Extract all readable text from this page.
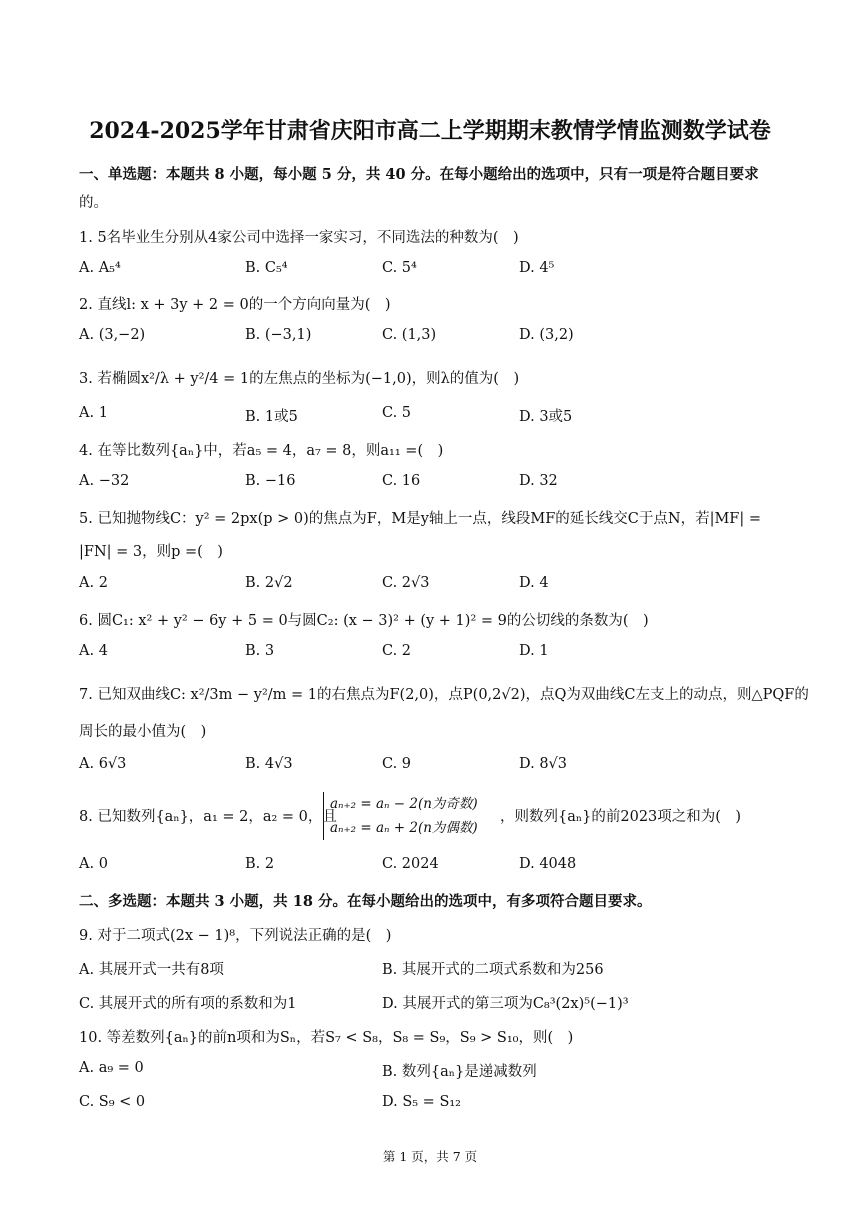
2024-2025学年甘肃省庆阳市高二上学期期末教情学情监测数学试卷
一、单选题：本题共 8 小题，每小题 5 分，共 40 分。在每小题给出的选项中，只有一项是符合题目要求
的。
1. 5名毕业生分别从4家公司中选择一家实习，不同选法的种数为(　)
A. A₅⁴	B. C₅⁴	C. 5⁴	D. 4⁵
2. 直线l: x + 3y + 2 = 0的一个方向向量为(　)
A. (3,−2)	B. (−3,1)	C. (1,3)	D. (3,2)
3. 若椭圆x²/λ + y²/4 = 1的左焦点的坐标为(−1,0)，则λ的值为(　)
A. 1	B. 1或5	C. 5	D. 3或5
4. 在等比数列{aₙ}中，若a₅ = 4，a₇ = 8，则a₁₁ =(　)
A. −32	B. −16	C. 16	D. 32
5. 已知抛物线C：y² = 2px(p > 0)的焦点为F，M是y轴上一点，线段MF的延长线交C于点N，若|MF| =
|FN| = 3，则p =(　)
A. 2	B. 2√2	C. 2√3	D. 4
6. 圆C₁: x² + y² − 6y + 5 = 0与圆C₂: (x − 3)² + (y + 1)² = 9的公切线的条数为(　)
A. 4	B. 3	C. 2	D. 1
7. 已知双曲线C: x²/3m − y²/m = 1的右焦点为F(2,0)，点P(0,2√2)，点Q为双曲线C左支上的动点，则△PQF的
周长的最小值为(　)
A. 6√3	B. 4√3	C. 9	D. 8√3
8. 已知数列{aₙ}，a₁ = 2，a₂ = 0，且
aₙ₊₂ = aₙ − 2(n为奇数)
aₙ₊₂ = aₙ + 2(n为偶数)
，则数列{aₙ}的前2023项之和为(　)
A. 0	B. 2	C. 2024	D. 4048
二、多选题：本题共 3 小题，共 18 分。在每小题给出的选项中，有多项符合题目要求。
9. 对于二项式(2x − 1)⁸，下列说法正确的是(　)
A. 其展开式一共有8项	B. 其展开式的二项式系数和为256
C. 其展开式的所有项的系数和为1	D. 其展开式的第三项为C₈³(2x)⁵(−1)³
10. 等差数列{aₙ}的前n项和为Sₙ，若S₇ < S₈，S₈ = S₉，S₉ > S₁₀，则(　)
A. a₉ = 0	B. 数列{aₙ}是递减数列
C. S₉ < 0	D. S₅ = S₁₂
第 1 页，共 7 页
